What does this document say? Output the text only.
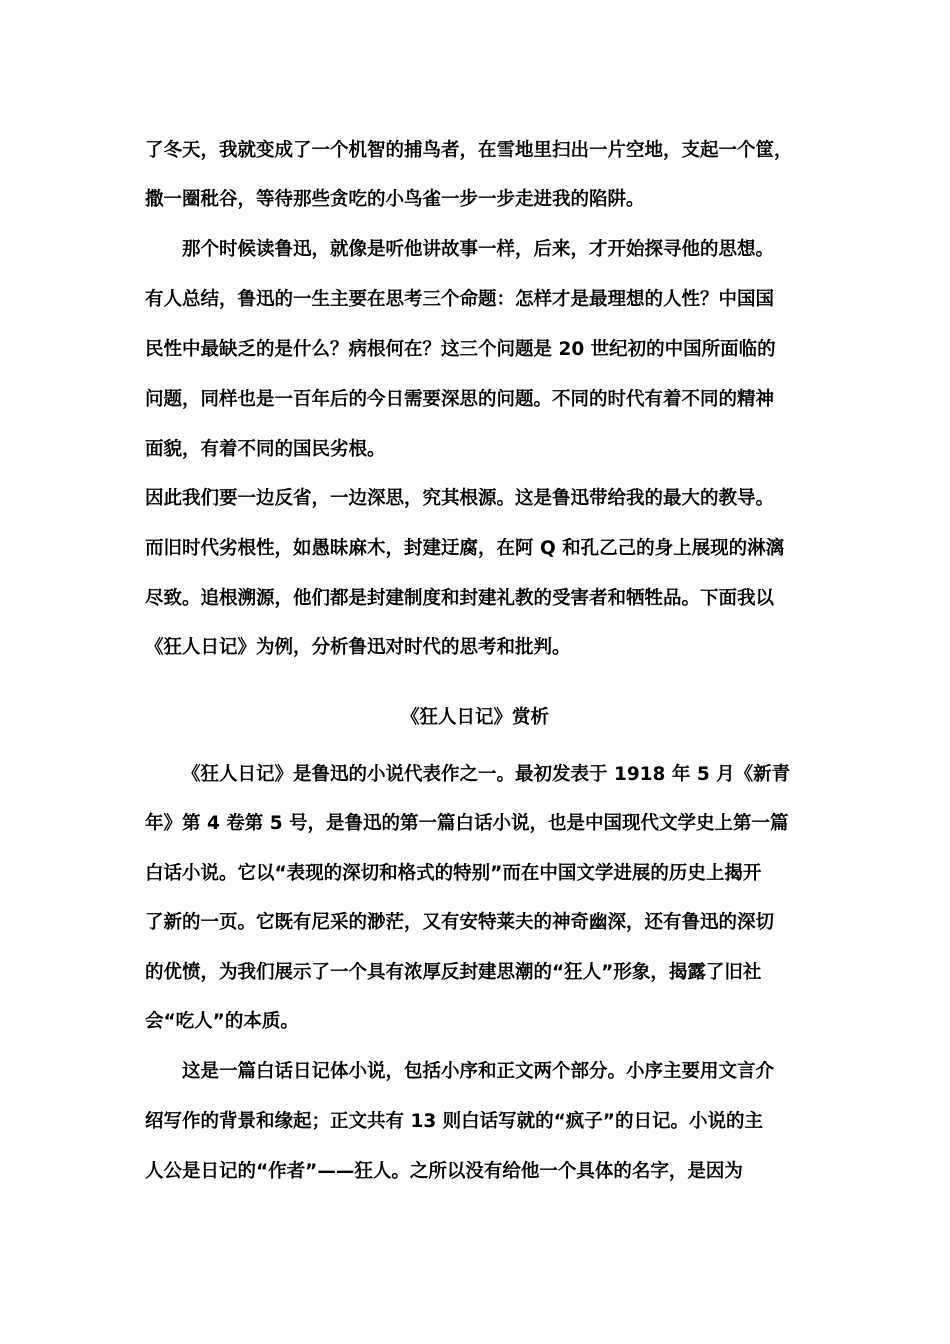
了冬天，我就变成了一个机智的捕鸟者，在雪地里扫出一片空地，支起一个筐，
撒一圈秕谷，等待那些贪吃的小鸟雀一步一步走进我的陷阱。
那个时候读鲁迅，就像是听他讲故事一样，后来，才开始探寻他的思想。
有人总结，鲁迅的一生主要在思考三个命题：怎样才是最理想的人性？中国国
民性中最缺乏的是什么？病根何在？这三个问题是 20 世纪初的中国所面临的
问题，同样也是一百年后的今日需要深思的问题。不同的时代有着不同的精神
面貌，有着不同的国民劣根。
因此我们要一边反省，一边深思，究其根源。这是鲁迅带给我的最大的教导。
而旧时代劣根性，如愚昧麻木，封建迂腐，在阿 Q 和孔乙己的身上展现的淋漓
尽致。追根溯源，他们都是封建制度和封建礼教的受害者和牺牲品。下面我以
《狂人日记》为例，分析鲁迅对时代的思考和批判。
《狂人日记》赏析
《狂人日记》是鲁迅的小说代表作之一。最初发表于 1918 年 5 月《新青
年》第 4 卷第 5 号，是鲁迅的第一篇白话小说，也是中国现代文学史上第一篇
白话小说。它以“表现的深切和格式的特别”而在中国文学进展的历史上揭开
了新的一页。它既有尼采的渺茫，又有安特莱夫的神奇幽深，还有鲁迅的深切
的优愤，为我们展示了一个具有浓厚反封建思潮的“狂人”形象，揭露了旧社
会“吃人”的本质。
这是一篇白话日记体小说，包括小序和正文两个部分。小序主要用文言介
绍写作的背景和缘起；正文共有 13 则白话写就的“疯子”的日记。小说的主
人公是日记的“作者”——狂人。之所以没有给他一个具体的名字，是因为
